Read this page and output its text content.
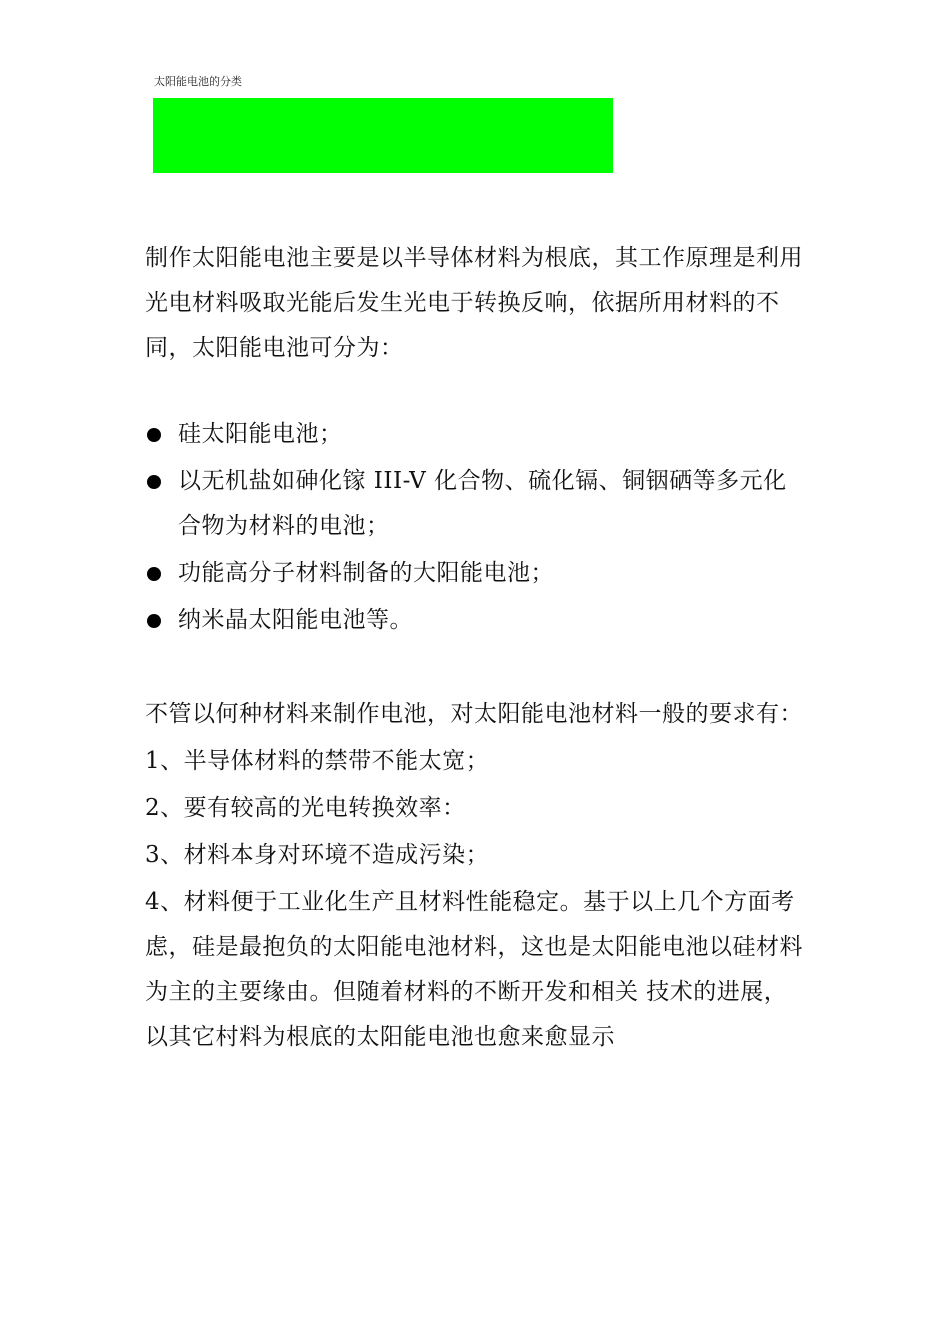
太阳能电池的分类

制作太阳能电池主要是以半导体材料为根底，其工作原理是利用光电材料吸取光能后发生光电于转换反响，依据所用材料的不同，太阳能电池可分为：

硅太阳能电池；
以无机盐如砷化镓 III-V 化合物、硫化镉、铜铟硒等多元化合物为材料的电池；
功能高分子材料制备的大阳能电池；
纳米晶太阳能电池等。
不管以何种材料来制作电池，对太阳能电池材料一般的要求有：
1、半导体材料的禁带不能太宽；
2、要有较高的光电转换效率：
3、材料本身对环境不造成污染；
4、材料便于工业化生产且材料性能稳定。基于以上几个方面考虑，硅是最抱负的太阳能电池材料，这也是太阳能电池以硅材料为主的主要缘由。但随着材料的不断开发和相关 技术的进展，以其它村料为根底的太阳能电池也愈来愈显示
